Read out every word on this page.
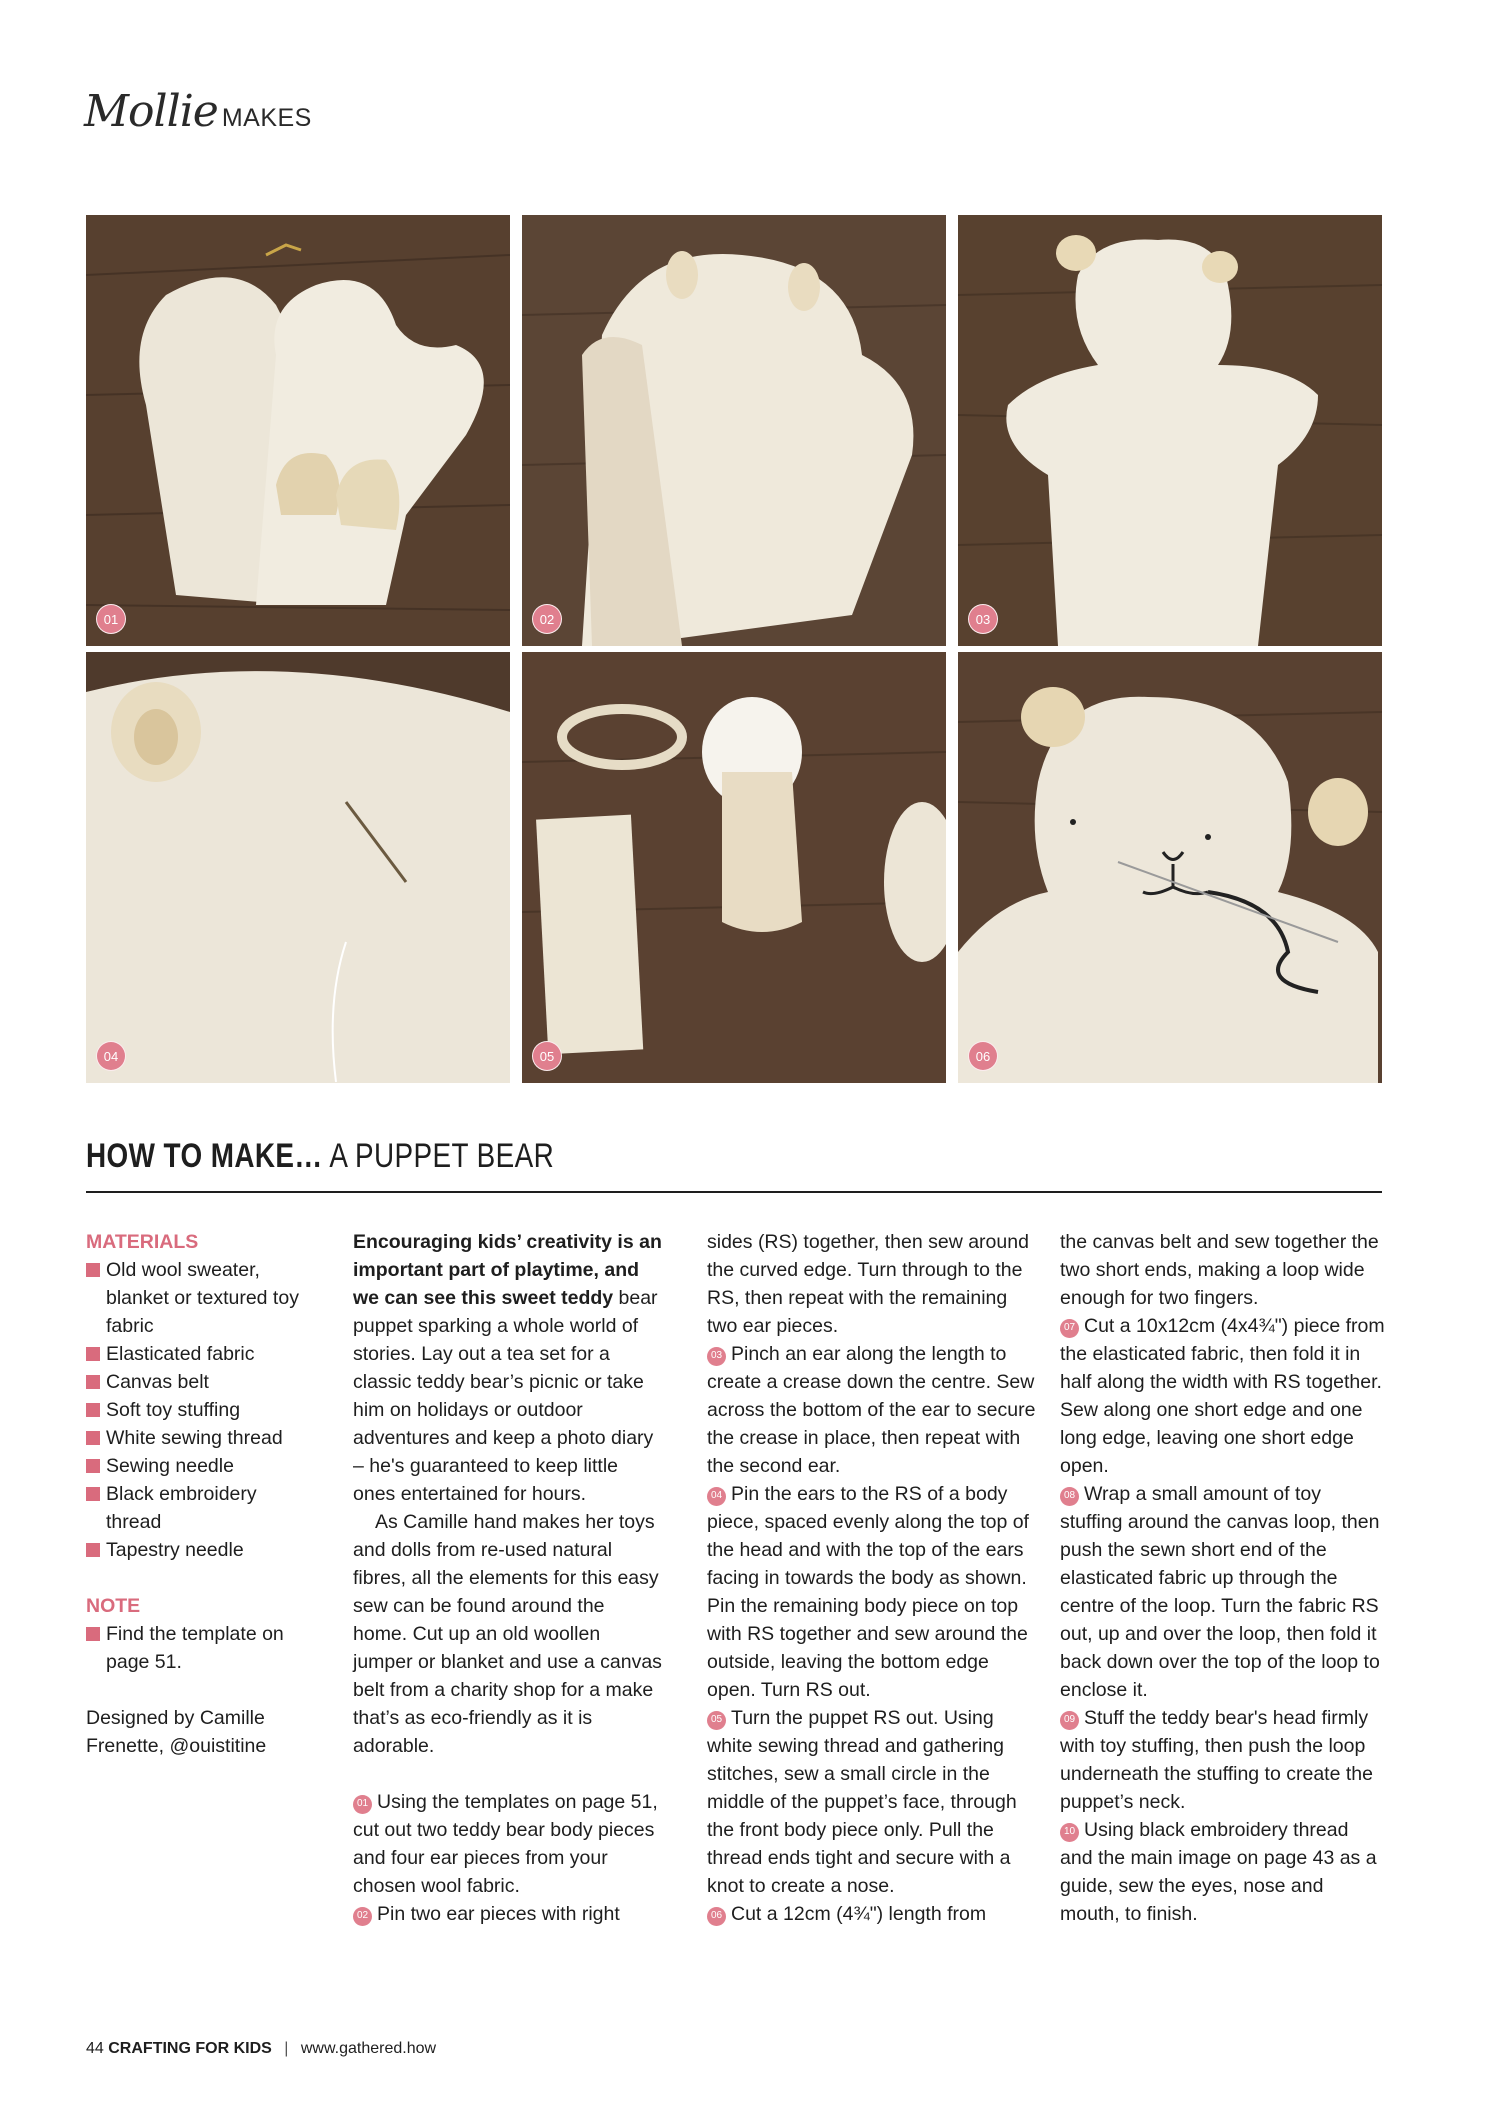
Mollie MAKES
01	02	03
04	05	06
HOW TO MAKE… A PUPPET BEAR
MATERIALS
Old wool sweater, blanket or textured toy fabric
Elasticated fabric
Canvas belt
Soft toy stuffing
White sewing thread
Sewing needle
Black embroidery thread
Tapestry needle
NOTE
Find the template on page 51.

Designed by Camille Frenette, @ouistitine

Encouraging kids’ creativity is an important part of playtime, and we can see this sweet teddy bear puppet sparking a whole world of stories. Lay out a tea set for a classic teddy bear’s picnic or take him on holidays or outdoor adventures and keep a photo diary – he's guaranteed to keep little ones entertained for hours.

As Camille hand makes her toys and dolls from re-used natural fibres, all the elements for this easy sew can be found around the home. Cut up an old woollen jumper or blanket and use a canvas belt from a charity shop for a make that’s as eco-friendly as it is adorable.

01 Using the templates on page 51, cut out two teddy bear body pieces and four ear pieces from your chosen wool fabric.

02 Pin two ear pieces with right

sides (RS) together, then sew around the curved edge. Turn through to the RS, then repeat with the remaining two ear pieces.

03 Pinch an ear along the length to create a crease down the centre. Sew across the bottom of the ear to secure the crease in place, then repeat with the second ear.

04 Pin the ears to the RS of a body piece, spaced evenly along the top of the head and with the top of the ears facing in towards the body as shown. Pin the remaining body piece on top with RS together and sew around the outside, leaving the bottom edge open. Turn RS out.

05 Turn the puppet RS out. Using white sewing thread and gathering stitches, sew a small circle in the middle of the puppet’s face, through the front body piece only. Pull the thread ends tight and secure with a knot to create a nose.

06 Cut a 12cm (4¾") length from

the canvas belt and sew together the two short ends, making a loop wide enough for two fingers.

07 Cut a 10x12cm (4x4¾") piece from the elasticated fabric, then fold it in half along the width with RS together. Sew along one short edge and one long edge, leaving one short edge open.

08 Wrap a small amount of toy stuffing around the canvas loop, then push the sewn short end of the elasticated fabric up through the centre of the loop. Turn the fabric RS out, up and over the loop, then fold it back down over the top of the loop to enclose it.

09 Stuff the teddy bear's head firmly with toy stuffing, then push the loop underneath the stuffing to create the puppet’s neck.

10 Using black embroidery thread and the main image on page 43 as a guide, sew the eyes, nose and mouth, to finish.

44 CRAFTING FOR KIDS | www.gathered.how
